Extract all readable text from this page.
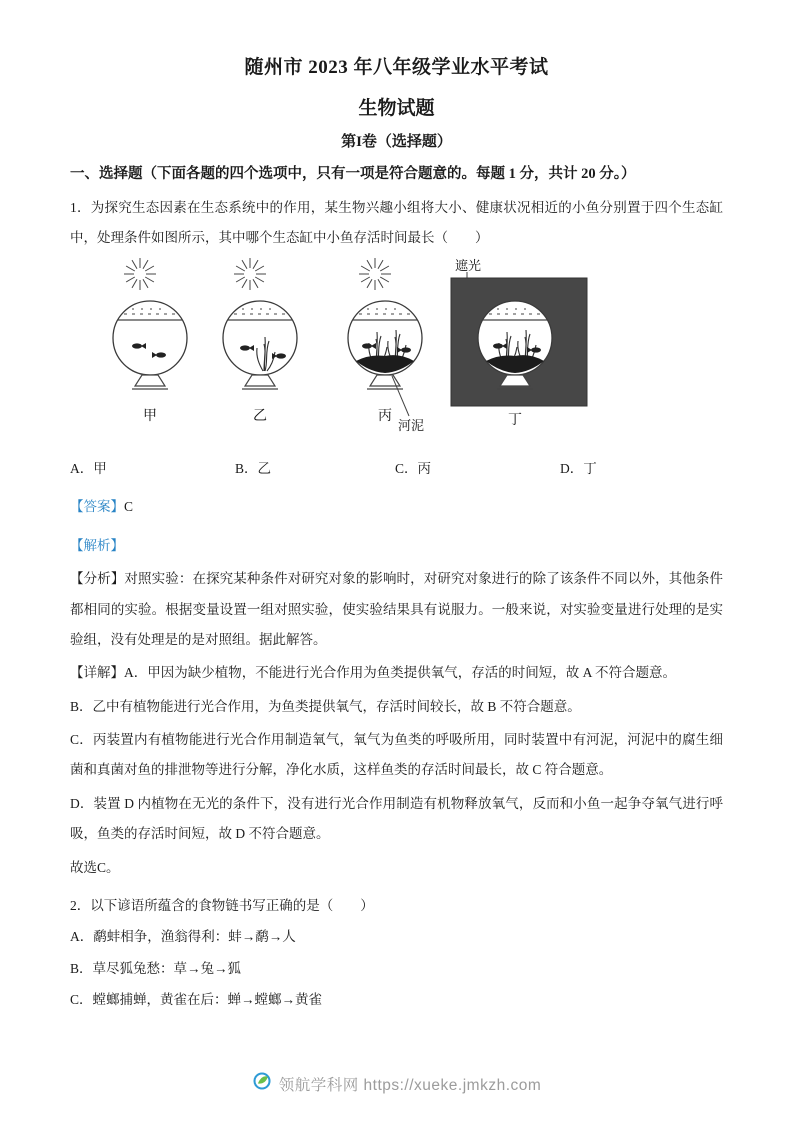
随州市 2023 年八年级学业水平考试
生物试题
第I卷（选择题）
一、选择题（下面各题的四个选项中，只有一项是符合题意的。每题 1 分，共计 20 分。）

1．为探究生态因素在生态系统中的作用，某生物兴趣小组将大小、健康状况相近的小鱼分别置于四个生态缸中，处理条件如图所示，其中哪个生态缸中小鱼存活时间最长（　　）

甲	乙	丙
河泥
遮光
丁
A．甲	B．乙	C．丙	D．丁
【答案】C
【解析】

【分析】对照实验：在探究某种条件对研究对象的影响时，对研究对象进行的除了该条件不同以外，其他条件都相同的实验。根据变量设置一组对照实验，使实验结果具有说服力。一般来说，对实验变量进行处理的是实验组，没有处理是的是对照组。据此解答。

【详解】A．甲因为缺少植物，不能进行光合作用为鱼类提供氧气，存活的时间短，故 A 不符合题意。

B．乙中有植物能进行光合作用，为鱼类提供氧气，存活时间较长，故 B 不符合题意。

C．丙装置内有植物能进行光合作用制造氧气，氧气为鱼类的呼吸所用，同时装置中有河泥，河泥中的腐生细菌和真菌对鱼的排泄物等进行分解，净化水质，这样鱼类的存活时间最长，故 C 符合题意。

D．装置 D 内植物在无光的条件下，没有进行光合作用制造有机物释放氧气，反而和小鱼一起争夺氧气进行呼吸，鱼类的存活时间短，故 D 不符合题意。

故选C。

2．以下谚语所蕴含的食物链书写正确的是（　　）

A．鹬蚌相争，渔翁得利：蚌→鹬→人

B．草尽狐兔愁：草→兔→狐

C．螳螂捕蝉，黄雀在后：蝉→螳螂→黄雀

领航学科网 https://xueke.jmkzh.com
